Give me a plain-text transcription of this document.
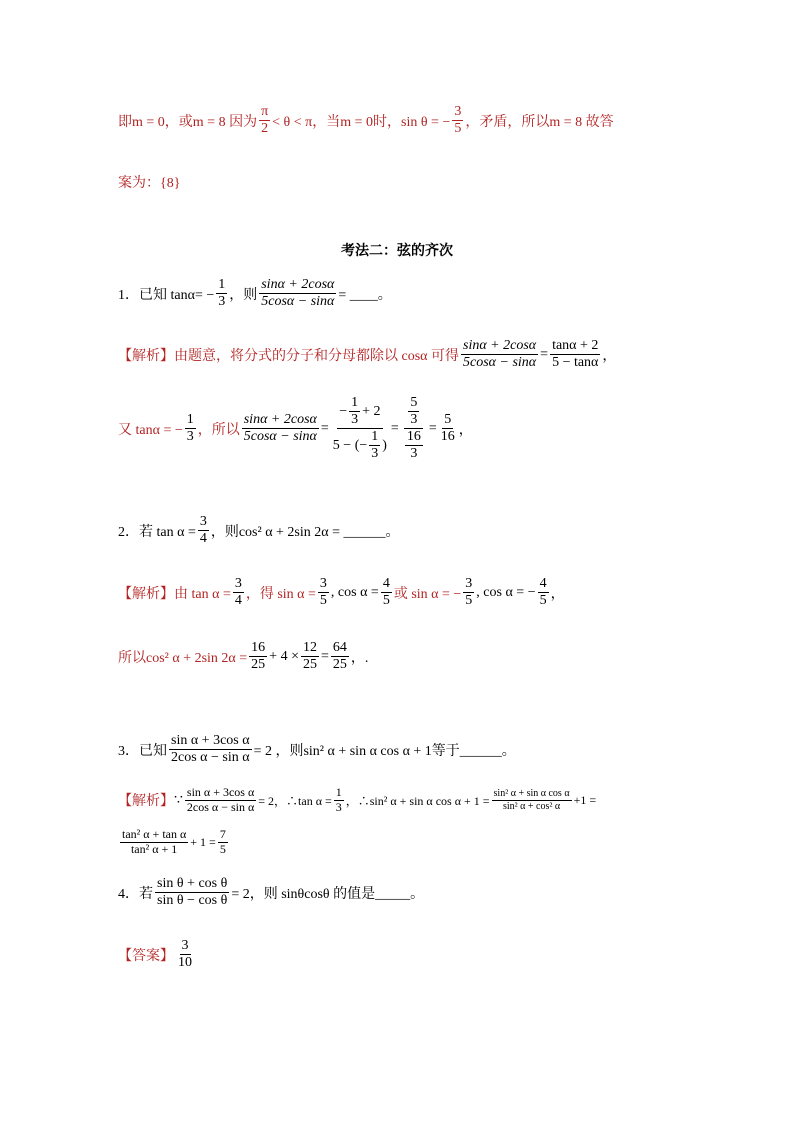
即m = 0，或m = 8 因为 $\frac{\pi}{2} < \theta < \pi$，当m = 0时，sin θ = − $\frac{3}{5}$ ，矛盾，所以m = 8 故答
案为：{8}
考法二：弦的齐次
1．已知 $\tan\alpha= - \frac{1}{3}$ ，则 $\frac{\sin\alpha + 2\cos\alpha}{5\cos\alpha - \sin\alpha}$ = ____。
【解析】 由题意，将分式的分子和分母都除以 cosα 可得 $\frac{\sin\alpha + 2\cos\alpha}{5\cos\alpha - \sin\alpha} = \frac{\tan\alpha + 2}{5 - \tan\alpha}$ ，
又 tanα = − $\frac{1}{3}$ ，所以 $\frac{\sin\alpha + 2\cos\alpha}{5\cos\alpha - \sin\alpha} = \frac{- \frac{1}{3} + 2}{5 - (- \frac{1}{3} )} = \frac{\frac{5}{3}}{\frac{16}{3}} = \frac{5}{16}$ ，
2．若 $\tan \alpha = \frac{3}{4}$ ，则cos² α + 2sin 2α = ______。
【解析】 由 $\tan \alpha = \frac{3}{4}$ ，得 $\sin \alpha = \frac{3}{5}$ , $\cos \alpha = \frac{4}{5}$ 或 sin α = − $\frac{3}{5}$ , cos α = − $\frac{4}{5}$ ，
所以cos² α + 2sin $2\alpha = \frac{16}{25} + 4 \times \frac{12}{25} = \frac{64}{25}$ ，.
3．已知 $\frac{\text{sin α + 3cos α}}{\text{2cos α − sin α}} = 2$ ，则sin² α + sin α cos α + 1等于______。
【解析】 ∵ $\frac{\text{sin α + 3cos α}}{\text{2cos α − sin α}} = 2$，∴tan $\alpha = \frac{1}{3}$ ，∴sin² α + sin α $\cos \alpha + 1 = \frac{\text{sin² α + sin α cos α}}{\text{sin² α + cos² α}} +1$ =
$\frac{\text{tan² α + tan α}}{\text{tan² α + 1}} + 1 = \frac{7}{5}$
4．若 $\frac{\text{sin θ + cos θ}}{\text{sin θ − cos θ}} = 2$，则 sinθcosθ 的值是_____。
【答案】 $\frac{3}{10}$
